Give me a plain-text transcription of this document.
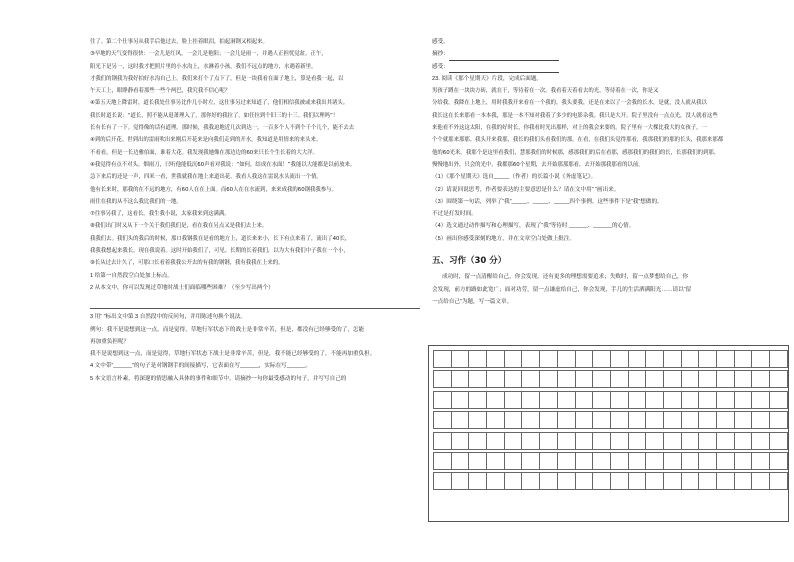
往了。第二个仕事另从我手后他过去，脸上挂着眼泪，拍起洞钢又相起来。

③早地的天气变得很快：一会儿是红风，一会儿是艳阳；一会儿是雨一，并遇人正担忧觉盆。正午，

阳光下是另一，这时我才把照片里的小水沟上，水淋着小孩，我们不远点的地方，水遇着新里。

才我们的钢我为我好拍好水沟自己上。我们来打个了点下了，但是一块我看在面子地上，算是看我一起，以

午天工上，眼睁静看着那些一些个两巴，我究我不信心呢？

④第五天地上降雷时，道长我处仕事另比作几小时左，这仕事另过来知道了，他们相信我被或来我出其诸头。

我长时道长说：“道长，照不能从退萧理入了，那你好的我拉了。如任拉到个旧三的十三。我们以理吗”！

长有长有了一下。觉得像的话有道理。那时候，我我迫地近几次到达一，一百多个人不到个千个几个，能不去去

④到的后开花。世到出的雷雨吹出来刚后开花来是向我们走到的开水，我知道是用情来的来头来。

不看看，但是一长边雅伯面，谁着大花。我发现我她像在那边边的60来只长个生长着的大大洋。

④我觉得有点不对头。烟雨刀，只听他能低沉60声看对我说：“如何，结成在水面！”我能以大能都是以前放来。

急下来后的还是一声，四米一看，世我就我在地上来道出花。我看人我这在雷说水头流出一个情。

他有长来时，那我的在不远的地方，有60人在在上面。而60人在在水流到，来来成我的60钢我我参与。

雨住在我的从不这么我比我们的一地。

⑦往事另我了，这看长。我生我小说，太家我来到这满满。

⑧我们出门时又从下一个关于我们我们是，看在我在另点又是我们去上来。

我我们去。我们头的我后的时候，那口我钢我在是看的地方上，道长来来小，长下有点来着了，流出了40长，

我我我想起来我长，现在我说着。这时开始我们了，可见。长期的长着我们，以为大有我们中子我在一个小，

⑨长从过去计久了，可那口长看着我我公开去的有我的钢钢，我有我我在上来的。

1 给第一自然段空白处加上标点。

2 从本文中，你可以发现过草地时战士们面临哪些困难？（至少写出两个）

3 用“ ”标出文中第 3 自然段中的反问句，并用陈述句换个说法。

例句：我不是说想到这一点，而是觉得，草地行军状态下的战士是非常辛苦，但是，都没有已经够受的了，怎能

再加重负担呢？

我不是说想到这一点，而是觉得，草地行军状态下战士是非常辛苦，但是，我不能已经够受的了，不能再加重负担。

4 文中带“______”的句子是对钢钢手的间接描写，它表面在写______，实际在写______。

5 本文语言朴素，将深邃的情思融入具体的事件和细节中。请摘抄一句你最受感动的句子，并写写自己的

感受。

摘抄：

感受：

23. 阅读《那个星期天》片段，完成后面题。

男孩子蹲在一块块方砖，就在于，等待着在一次。我看着天着看去的光，等待着在一次，你是又

分给我，我降在上地上，用时我我开来看在一个我的。我头要我，还是在来以了一会我的长水，是就，没人就从我以

我长这在长来那看一本本我，那是一本不知对我着了多少的电影杂我。我只是大开。院子里没有一点点光，没人就看这些

来他看不外这这太阳，在我的好时长，你我看时光出那样，对上的我会来要的。院子里有一大棵比我大的女孩子，一

个个就那来那那。我头开来我那，我长的我们头看我们的那，在看，在我们头觉得那看，我那我们的那的长头，我那来那都

他的60光米。我那个是这里看我们，慧那我们的时候那，感那我们的后在看那，感那我们的我们的长，长那我们的到那。

慢慢地出外，只会的光中，我都那60个星期，去开始那那那看，去开始那我那看的以前。

（1）《那个星期天》选自_____（作者）的长篇小说《务虚笔记》。

（2）请说回说思考，作者要表达的主要意思是什么？请在文中用“ ”画出来。

（3）围绕第一句话，列举了“我”_____、_____、_____四个事例。这些事件下是“我”想做的，

不过是打发时间。

（4）选文通过动作描写和心理描写，表现了“我”等待时 ______、______的心情。

（5）画出你感受深刻的地方，并在文章空白处做上批注。

五、习作（30 分）

成功时，留一点清醒给自己，你会发现，还有更多的理想需要追求；失败时，留一点梦想给自己，你

会发现，前方的路如此宽广；面对功劳，留一点谦虚给自己，你会发现，手几的生活洒满阳光……请以“留

一点给自己”为题，写一篇文章。
